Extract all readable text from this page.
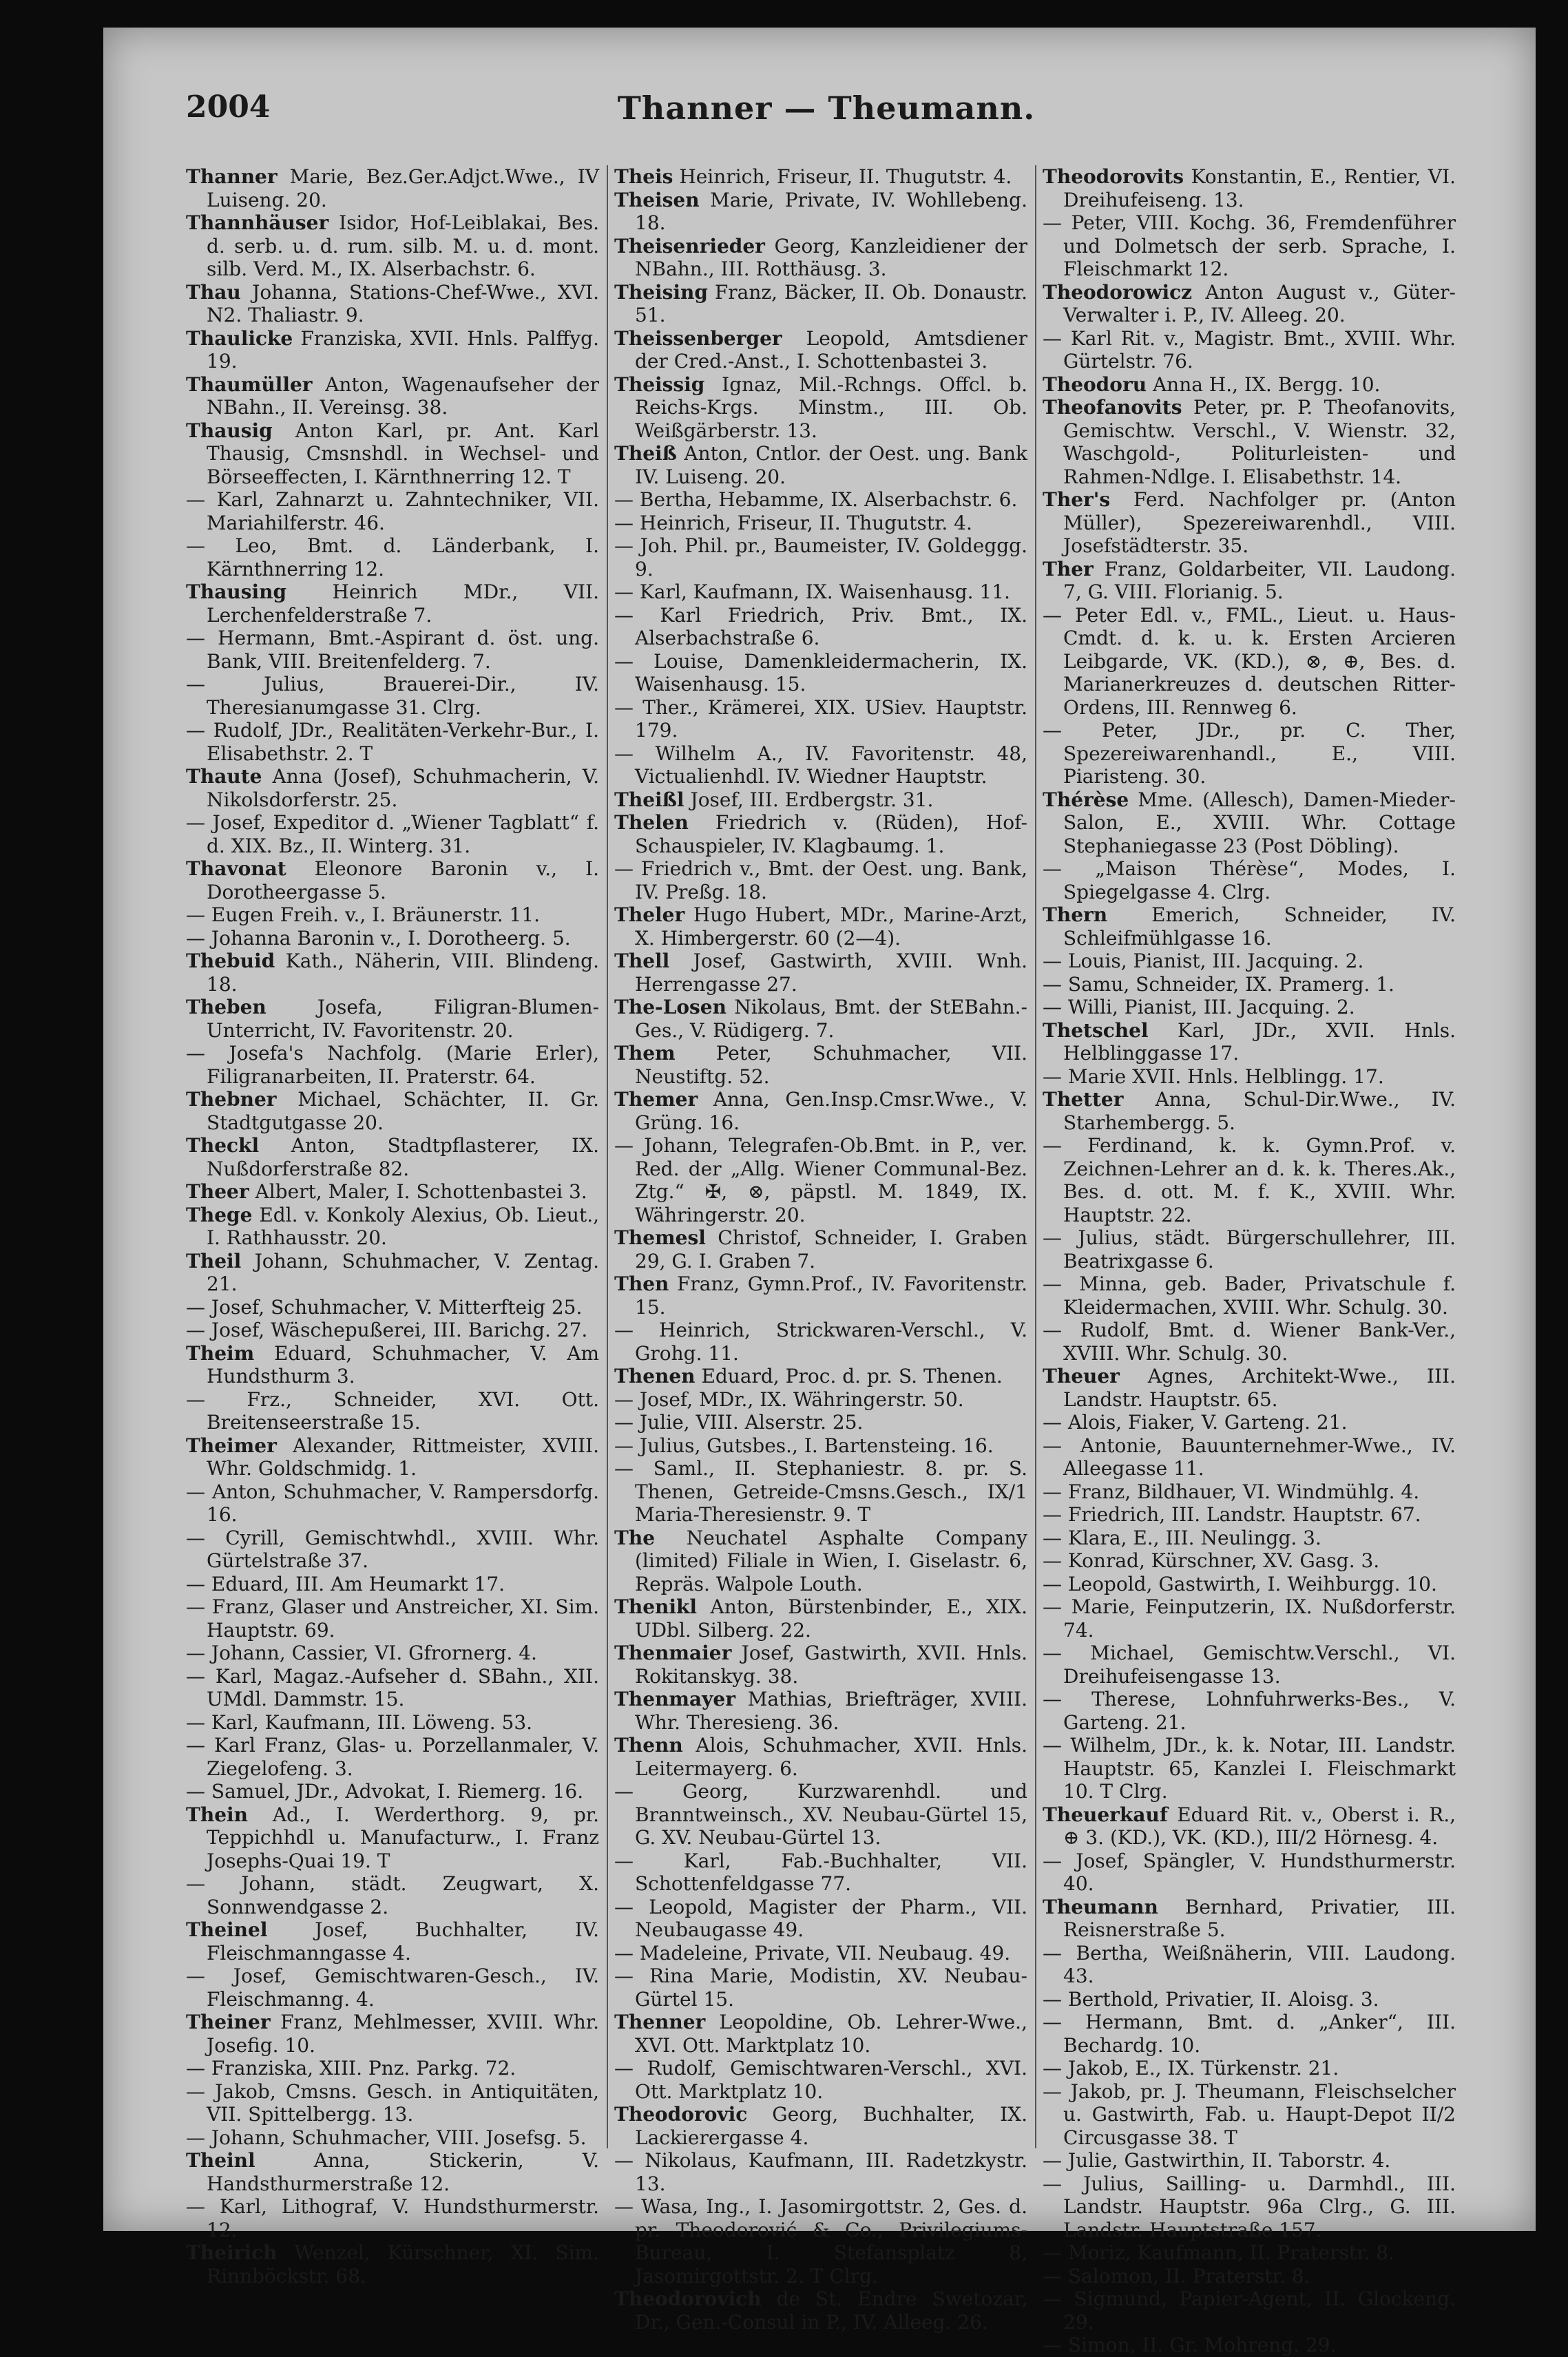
2004	Thanner — Theumann.
Thanner Marie, Bez.Ger.Adjct.Wwe., IV Luiseng. 20.
Thannhäuser Isidor, Hof-Leiblakai, Bes. d. serb. u. d. rum. silb. M. u. d. mont. silb. Verd. M., IX. Alserbachstr. 6.
Thau Johanna, Stations-Chef-Wwe., XVI. N2. Thaliastr. 9.
Thaulicke Franziska, XVII. Hnls. Palffyg. 19.
Thaumüller Anton, Wagenaufseher der NBahn., II. Vereinsg. 38.
Thausig Anton Karl, pr. Ant. Karl Thausig, Cmsnshdl. in Wechsel- und Börseeffecten, I. Kärnthnerring 12. T
— Karl, Zahnarzt u. Zahntechniker, VII. Mariahilferstr. 46.
— Leo, Bmt. d. Länderbank, I. Kärnthnerring 12.
Thausing Heinrich MDr., VII. Lerchenfelderstraße 7.
— Hermann, Bmt.-Aspirant d. öst. ung. Bank, VIII. Breitenfelderg. 7.
— Julius, Brauerei-Dir., IV. Theresianumgasse 31. Clrg.
— Rudolf, JDr., Realitäten-Verkehr-Bur., I. Elisabethstr. 2. T
Thaute Anna (Josef), Schuhmacherin, V. Nikolsdorferstr. 25.
— Josef, Expeditor d. „Wiener Tagblatt“ f. d. XIX. Bz., II. Winterg. 31.
Thavonat Eleonore Baronin v., I. Dorotheergasse 5.
— Eugen Freih. v., I. Bräunerstr. 11.
— Johanna Baronin v., I. Dorotheerg. 5.
Thebuid Kath., Näherin, VIII. Blindeng. 18.
Theben Josefa, Filigran-Blumen-Unterricht, IV. Favoritenstr. 20.
— Josefa's Nachfolg. (Marie Erler), Filigranarbeiten, II. Praterstr. 64.
Thebner Michael, Schächter, II. Gr. Stadtgutgasse 20.
Theckl Anton, Stadtpflasterer, IX. Nußdorferstraße 82.
Theer Albert, Maler, I. Schottenbastei 3.
Thege Edl. v. Konkoly Alexius, Ob. Lieut., I. Rathhausstr. 20.
Theil Johann, Schuhmacher, V. Zentag. 21.
— Josef, Schuhmacher, V. Mitterfteig 25.
— Josef, Wäschepußerei, III. Barichg. 27.
Theim Eduard, Schuhmacher, V. Am Hundsthurm 3.
— Frz., Schneider, XVI. Ott. Breitenseerstraße 15.
Theimer Alexander, Rittmeister, XVIII. Whr. Goldschmidg. 1.
— Anton, Schuhmacher, V. Rampersdorfg. 16.
— Cyrill, Gemischtwhdl., XVIII. Whr. Gürtelstraße 37.
— Eduard, III. Am Heumarkt 17.
— Franz, Glaser und Anstreicher, XI. Sim. Hauptstr. 69.
— Johann, Cassier, VI. Gfrornerg. 4.
— Karl, Magaz.-Aufseher d. SBahn., XII. UMdl. Dammstr. 15.
— Karl, Kaufmann, III. Löweng. 53.
— Karl Franz, Glas- u. Porzellanmaler, V. Ziegelofeng. 3.
— Samuel, JDr., Advokat, I. Riemerg. 16.
Thein Ad., I. Werderthorg. 9, pr. Teppichhdl u. Manufacturw., I. Franz Josephs-Quai 19. T
— Johann, städt. Zeugwart, X. Sonnwendgasse 2.
Theinel Josef, Buchhalter, IV. Fleischmanngasse 4.
— Josef, Gemischtwaren-Gesch., IV. Fleischmanng. 4.
Theiner Franz, Mehlmesser, XVIII. Whr. Josefig. 10.
— Franziska, XIII. Pnz. Parkg. 72.
— Jakob, Cmsns. Gesch. in Antiquitäten, VII. Spittelbergg. 13.
— Johann, Schuhmacher, VIII. Josefsg. 5.
Theinl Anna, Stickerin, V. Handsthurmerstraße 12.
— Karl, Lithograf, V. Hundsthurmerstr. 12.
Theirich Wenzel, Kürschner, XI. Sim. Rinnböckstr. 68.
Theis Heinrich, Friseur, II. Thugutstr. 4.
Theisen Marie, Private, IV. Wohllebeng. 18.
Theisenrieder Georg, Kanzleidiener der NBahn., III. Rotthäusg. 3.
Theising Franz, Bäcker, II. Ob. Donaustr. 51.
Theissenberger Leopold, Amtsdiener der Cred.-Anst., I. Schottenbastei 3.
Theissig Ignaz, Mil.-Rchngs. Offcl. b. Reichs-Krgs. Minstm., III. Ob. Weißgärberstr. 13.
Theiß Anton, Cntlor. der Oest. ung. Bank IV. Luiseng. 20.
— Bertha, Hebamme, IX. Alserbachstr. 6.
— Heinrich, Friseur, II. Thugutstr. 4.
— Joh. Phil. pr., Baumeister, IV. Goldeggg. 9.
— Karl, Kaufmann, IX. Waisenhausg. 11.
— Karl Friedrich, Priv. Bmt., IX. Alserbachstraße 6.
— Louise, Damenkleidermacherin, IX. Waisenhausg. 15.
— Ther., Krämerei, XIX. USiev. Hauptstr. 179.
— Wilhelm A., IV. Favoritenstr. 48, Victualienhdl. IV. Wiedner Hauptstr.
Theißl Josef, III. Erdbergstr. 31.
Thelen Friedrich v. (Rüden), Hof-Schauspieler, IV. Klagbaumg. 1.
— Friedrich v., Bmt. der Oest. ung. Bank, IV. Preßg. 18.
Theler Hugo Hubert, MDr., Marine-Arzt, X. Himbergerstr. 60 (2—4).
Thell Josef, Gastwirth, XVIII. Wnh. Herrengasse 27.
The-Losen Nikolaus, Bmt. der StEBahn.-Ges., V. Rüdigerg. 7.
Them Peter, Schuhmacher, VII. Neustiftg. 52.
Themer Anna, Gen.Insp.Cmsr.Wwe., V. Grüng. 16.
— Johann, Telegrafen-Ob.Bmt. in P., ver. Red. der „Allg. Wiener Communal-Bez. Ztg.“ ✠, ⊗, päpstl. M. 1849, IX. Währingerstr. 20.
Themesl Christof, Schneider, I. Graben 29, G. I. Graben 7.
Then Franz, Gymn.Prof., IV. Favoritenstr. 15.
— Heinrich, Strickwaren-Verschl., V. Grohg. 11.
Thenen Eduard, Proc. d. pr. S. Thenen.
— Josef, MDr., IX. Währingerstr. 50.
— Julie, VIII. Alserstr. 25.
— Julius, Gutsbes., I. Bartensteing. 16.
— Saml., II. Stephaniestr. 8. pr. S. Thenen, Getreide-Cmsns.Gesch., IX/1 Maria-Theresienstr. 9. T
The Neuchatel Asphalte Company (limited) Filiale in Wien, I. Giselastr. 6, Repräs. Walpole Louth.
Thenikl Anton, Bürstenbinder, E., XIX. UDbl. Silberg. 22.
Thenmaier Josef, Gastwirth, XVII. Hnls. Rokitanskyg. 38.
Thenmayer Mathias, Briefträger, XVIII. Whr. Theresieng. 36.
Thenn Alois, Schuhmacher, XVII. Hnls. Leitermayerg. 6.
— Georg, Kurzwarenhdl. und Branntweinsch., XV. Neubau-Gürtel 15, G. XV. Neubau-Gürtel 13.
— Karl, Fab.-Buchhalter, VII. Schottenfeldgasse 77.
— Leopold, Magister der Pharm., VII. Neubaugasse 49.
— Madeleine, Private, VII. Neubaug. 49.
— Rina Marie, Modistin, XV. Neubau-Gürtel 15.
Thenner Leopoldine, Ob. Lehrer-Wwe., XVI. Ott. Marktplatz 10.
— Rudolf, Gemischtwaren-Verschl., XVI. Ott. Marktplatz 10.
Theodorovic Georg, Buchhalter, IX. Lackierergasse 4.
— Nikolaus, Kaufmann, III. Radetzkystr. 13.
— Wasa, Ing., I. Jasomirgottstr. 2, Ges. d. pr. Theodorović & Co., Privilegiums-Bureau, I. Stefansplatz 8, Jasomirgottstr. 2. T Clrg.
Theodorovich de St. Endre Swetozar, Dr., Gen.-Consul in P., IV. Alleeg. 26.
Theodorovits Konstantin, E., Rentier, VI. Dreihufeiseng. 13.
— Peter, VIII. Kochg. 36, Fremdenführer und Dolmetsch der serb. Sprache, I. Fleischmarkt 12.
Theodorowicz Anton August v., Güter-Verwalter i. P., IV. Alleeg. 20.
— Karl Rit. v., Magistr. Bmt., XVIII. Whr. Gürtelstr. 76.
Theodoru Anna H., IX. Bergg. 10.
Theofanovits Peter, pr. P. Theofanovits, Gemischtw. Verschl., V. Wienstr. 32, Waschgold-, Politurleisten- und Rahmen-Ndlge. I. Elisabethstr. 14.
Ther's Ferd. Nachfolger pr. (Anton Müller), Spezereiwarenhdl., VIII. Josefstädterstr. 35.
Ther Franz, Goldarbeiter, VII. Laudong. 7, G. VIII. Florianig. 5.
— Peter Edl. v., FML., Lieut. u. Haus-Cmdt. d. k. u. k. Ersten Arcieren Leibgarde, VK. (KD.), ⊗, ⊕, Bes. d. Marianerkreuzes d. deutschen Ritter-Ordens, III. Rennweg 6.
— Peter, JDr., pr. C. Ther, Spezereiwarenhandl., E., VIII. Piaristeng. 30.
Thérèse Mme. (Allesch), Damen-Mieder-Salon, E., XVIII. Whr. Cottage Stephaniegasse 23 (Post Döbling).
— „Maison Thérèse“, Modes, I. Spiegelgasse 4. Clrg.
Thern Emerich, Schneider, IV. Schleifmühlgasse 16.
— Louis, Pianist, III. Jacquing. 2.
— Samu, Schneider, IX. Pramerg. 1.
— Willi, Pianist, III. Jacquing. 2.
Thetschel Karl, JDr., XVII. Hnls. Helblinggasse 17.
— Marie XVII. Hnls. Helblingg. 17.
Thetter Anna, Schul-Dir.Wwe., IV. Starhembergg. 5.
— Ferdinand, k. k. Gymn.Prof. v. Zeichnen-Lehrer an d. k. k. Theres.Ak., Bes. d. ott. M. f. K., XVIII. Whr. Hauptstr. 22.
— Julius, städt. Bürgerschullehrer, III. Beatrixgasse 6.
— Minna, geb. Bader, Privatschule f. Kleidermachen, XVIII. Whr. Schulg. 30.
— Rudolf, Bmt. d. Wiener Bank-Ver., XVIII. Whr. Schulg. 30.
Theuer Agnes, Architekt-Wwe., III. Landstr. Hauptstr. 65.
— Alois, Fiaker, V. Garteng. 21.
— Antonie, Bauunternehmer-Wwe., IV. Alleegasse 11.
— Franz, Bildhauer, VI. Windmühlg. 4.
— Friedrich, III. Landstr. Hauptstr. 67.
— Klara, E., III. Neulingg. 3.
— Konrad, Kürschner, XV. Gasg. 3.
— Leopold, Gastwirth, I. Weihburgg. 10.
— Marie, Feinputzerin, IX. Nußdorferstr. 74.
— Michael, Gemischtw.Verschl., VI. Dreihufeisengasse 13.
— Therese, Lohnfuhrwerks-Bes., V. Garteng. 21.
— Wilhelm, JDr., k. k. Notar, III. Landstr. Hauptstr. 65, Kanzlei I. Fleischmarkt 10. T Clrg.
Theuerkauf Eduard Rit. v., Oberst i. R., ⊕ 3. (KD.), VK. (KD.), III/2 Hörnesg. 4.
— Josef, Spängler, V. Hundsthurmerstr. 40.
Theumann Bernhard, Privatier, III. Reisnerstraße 5.
— Bertha, Weißnäherin, VIII. Laudong. 43.
— Berthold, Privatier, II. Aloisg. 3.
— Hermann, Bmt. d. „Anker“, III. Bechardg. 10.
— Jakob, E., IX. Türkenstr. 21.
— Jakob, pr. J. Theumann, Fleischselcher u. Gastwirth, Fab. u. Haupt-Depot II/2 Circusgasse 38. T
— Julie, Gastwirthin, II. Taborstr. 4.
— Julius, Sailling- u. Darmhdl., III. Landstr. Hauptstr. 96a Clrg., G. III. Landstr. Hauptstraße 157.
— Moriz, Kaufmann, II. Praterstr. 8.
— Salomon, II. Praterstr. 8.
— Sigmund, Papier-Agent, II. Glockeng. 29.
— Simon, II. Gr. Mohreng. 29.
